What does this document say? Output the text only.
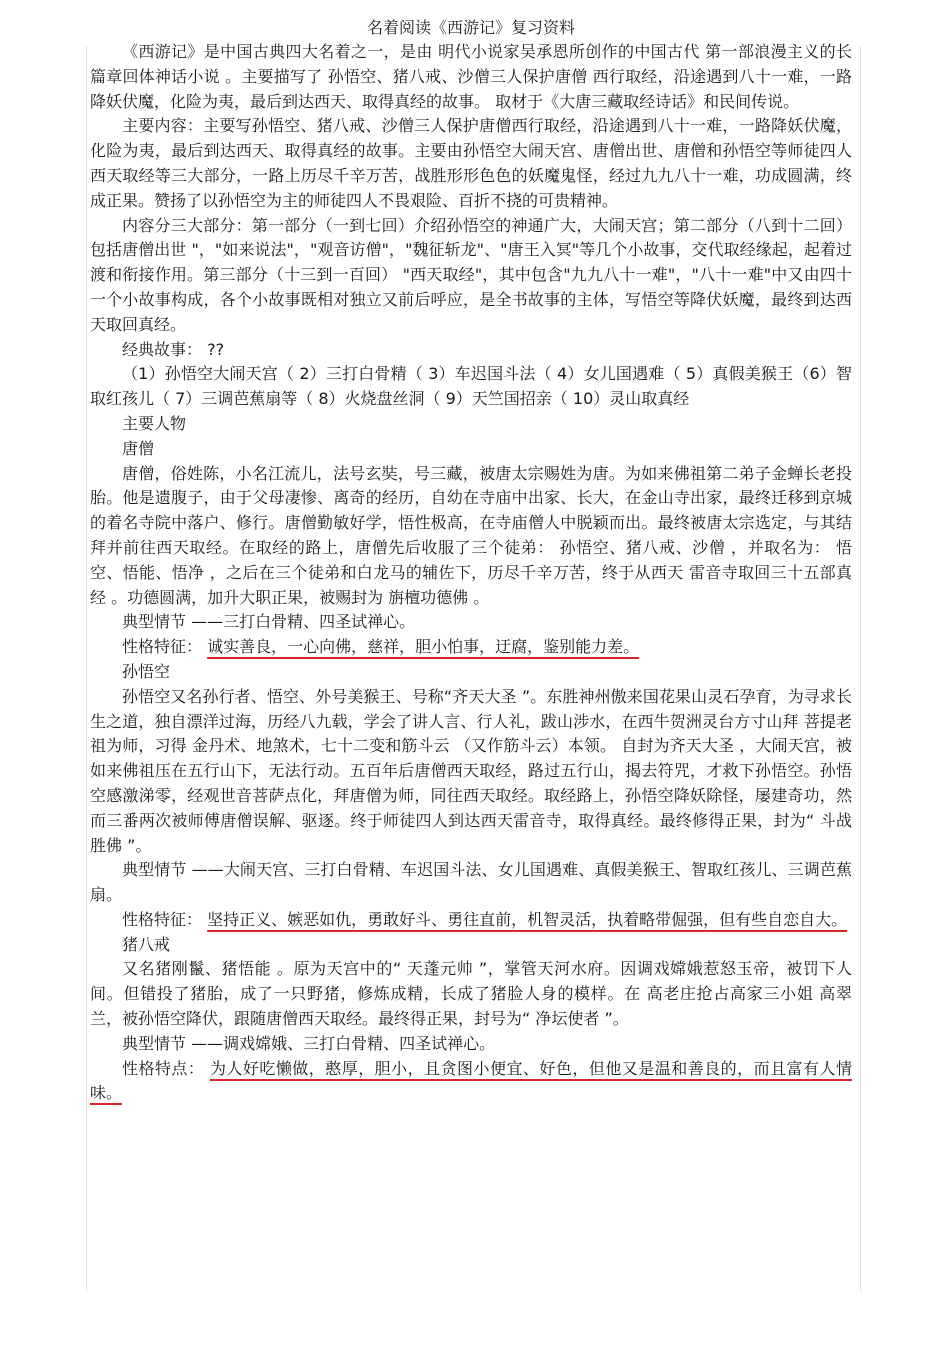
名着阅读《西游记》复习资料

《西游记》是中国古典四大名着之一，是由 明代小说家吴承恩所创作的中国古代 第一部浪漫主义的长篇章回体神话小说 。主要描写了 孙悟空、猪八戒、沙僧三人保护唐僧 西行取经，沿途遇到八十一难，一路降妖伏魔，化险为夷，最后到达西天、取得真经的故事。 取材于《大唐三藏取经诗话》和民间传说。

主要内容：主要写孙悟空、猪八戒、沙僧三人保护唐僧西行取经，沿途遇到八十一难，一路降妖伏魔，化险为夷，最后到达西天、取得真经的故事。主要由孙悟空大闹天宫、唐僧出世、唐僧和孙悟空等师徒四人西天取经等三大部分，一路上历尽千辛万苦，战胜形形色色的妖魔鬼怪，经过九九八十一难，功成圆满，终成正果。赞扬了以孙悟空为主的师徒四人不畏艰险、百折不挠的可贵精神。

内容分三大部分：第一部分（一到七回）介绍孙悟空的神通广大，大闹天宫；第二部分（八到十二回）包括唐僧出世 "，"如来说法"，"观音访僧"，"魏征斩龙"、"唐王入冥"等几个小故事，交代取经缘起，起着过渡和衔接作用。第三部分（十三到一百回） "西天取经"，其中包含"九九八十一难"，"八十一难"中又由四十一个小故事构成，各个小故事既相对独立又前后呼应，是全书故事的主体，写悟空等降伏妖魔，最终到达西天取回真经。

经典故事： ??

（1）孙悟空大闹天宫（ 2）三打白骨精（ 3）车迟国斗法（ 4）女儿国遇难（ 5）真假美猴王（6）智取红孩儿（ 7）三调芭蕉扇等（ 8）火烧盘丝洞（ 9）天竺国招亲（ 10）灵山取真经

主要人物
唐僧

唐僧，俗姓陈，小名江流儿，法号玄奘，号三藏，被唐太宗赐姓为唐。为如来佛祖第二弟子金蝉长老投胎。他是遗腹子，由于父母凄惨、离奇的经历，自幼在寺庙中出家、长大，在金山寺出家，最终迁移到京城的着名寺院中落户、修行。唐僧勤敏好学，悟性极高，在寺庙僧人中脱颖而出。最终被唐太宗选定，与其结拜并前往西天取经。在取经的路上，唐僧先后收服了三个徒弟： 孙悟空、猪八戒、沙僧 ，并取名为： 悟空、悟能、悟净 ，之后在三个徒弟和白龙马的辅佐下，历尽千辛万苦，终于从西天 雷音寺取回三十五部真经 。功德圆满，加升大职正果，被赐封为 旃檀功德佛 。

典型情节 ——三打白骨精、四圣试禅心。

性格特征： 诚实善良，一心向佛，慈祥，胆小怕事，迂腐，鉴别能力差。

孙悟空

孙悟空又名孙行者、悟空、外号美猴王、号称“齐天大圣 ”。东胜神州傲来国花果山灵石孕育，为寻求长生之道，独自漂洋过海，历经八九载，学会了讲人言、行人礼，跋山涉水，在西牛贺洲灵台方寸山拜 菩提老祖为师，习得 金丹术、地煞术，七十二变和筋斗云 （又作筋斗云）本领。 自封为齐天大圣 ，大闹天宫，被如来佛祖压在五行山下，无法行动。五百年后唐僧西天取经，路过五行山，揭去符咒，才救下孙悟空。孙悟空感激涕零，经观世音菩萨点化，拜唐僧为师，同往西天取经。取经路上，孙悟空降妖除怪，屡建奇功，然而三番两次被师傅唐僧误解、驱逐。终于师徒四人到达西天雷音寺，取得真经。最终修得正果，封为“ 斗战胜佛 ”。

典型情节 ——大闹天宫、三打白骨精、车迟国斗法、女儿国遇难、真假美猴王、智取红孩儿、三调芭蕉扇。

性格特征： 坚持正义、嫉恶如仇，勇敢好斗、勇往直前，机智灵活，执着略带倔强，但有些自恋自大。

猪八戒

又名猪刚鬣、猪悟能 。原为天宫中的“ 天蓬元帅 ”，掌管天河水府。因调戏嫦娥惹怒玉帝，被罚下人间。但错投了猪胎，成了一只野猪，修炼成精，长成了猪脸人身的模样。在 高老庄抢占高家三小姐 高翠兰，被孙悟空降伏，跟随唐僧西天取经。最终得正果，封号为“ 净坛使者 ”。

典型情节 ——调戏嫦娥、三打白骨精、四圣试禅心。

性格特点： 为人好吃懒做，憨厚，胆小，且贪图小便宜、好色，但他又是温和善良的，而且富有人情味。
